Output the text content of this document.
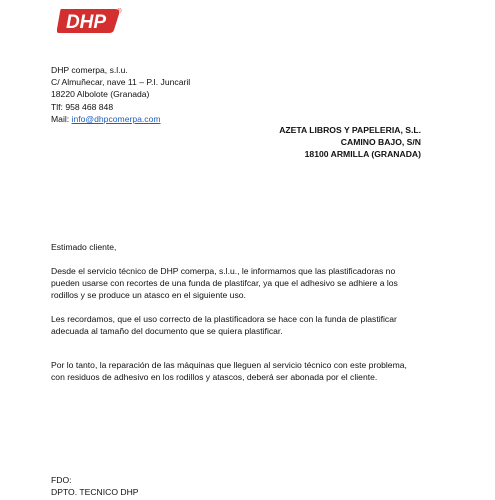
DHP ®
DHP comerpa, s.l.u.
C/ Almuñecar, nave 11 – P.I. Juncaril
18220 Albolote (Granada)
Tlf: 958 468 848
Mail: info@dhpcomerpa.com
AZETA LIBROS Y PAPELERIA, S.L.
CAMINO BAJO, S/N
18100 ARMILLA (GRANADA)
Estimado cliente,
Desde el servicio técnico de DHP comerpa, s.l.u., le informamos que las plastificadoras no
pueden usarse con recortes de una funda de plastifcar, ya que el adhesivo se adhiere a los
rodillos y se produce un atasco en el siguiente uso.
Les recordamos, que el uso correcto de la plastificadora se hace con la funda de plastificar
adecuada al tamaño del documento que se quiera plastificar.
Por lo tanto, la reparación de las máquinas que lleguen al servicio técnico con este problema,
con residuos de adhesivo en los rodillos y atascos, deberá ser abonada por el cliente.
FDO:
DPTO. TECNICO DHP
